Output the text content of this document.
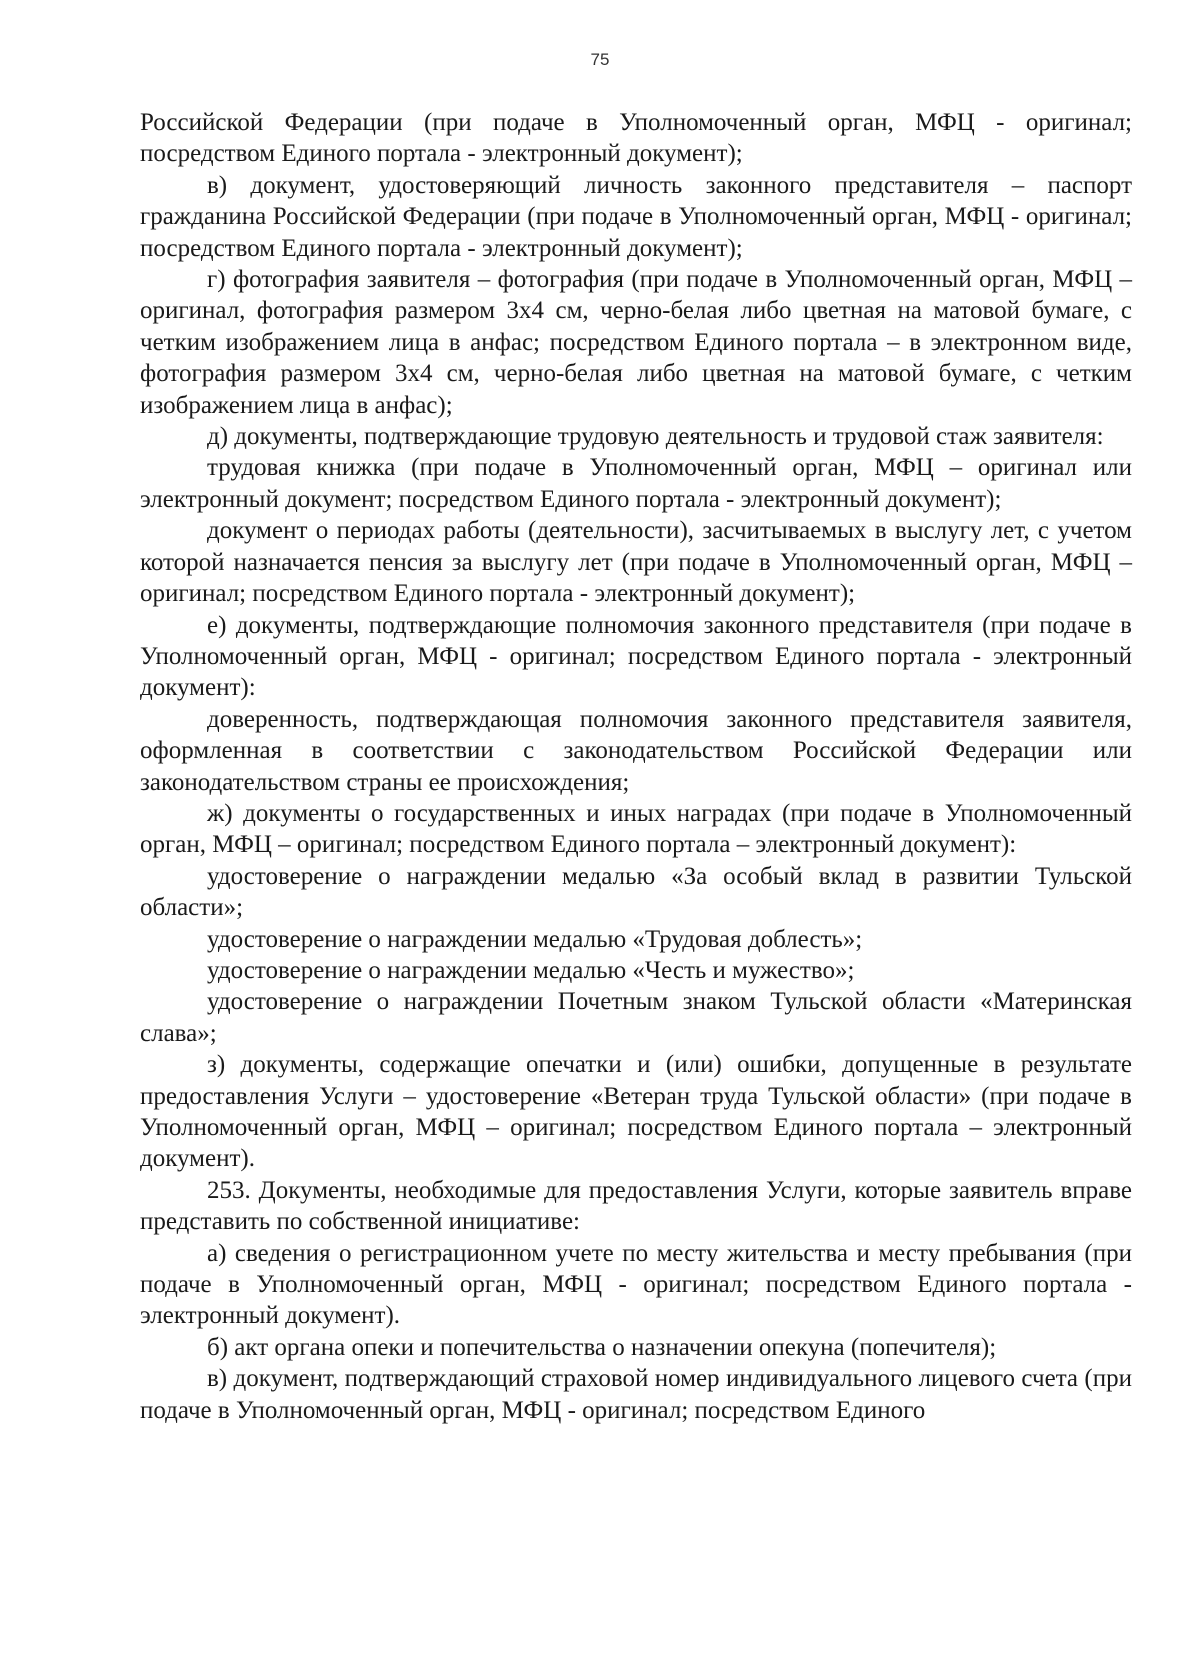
75

Российской Федерации (при подаче в Уполномоченный орган, МФЦ - оригинал; посредством Единого портала - электронный документ);

в) документ, удостоверяющий личность законного представителя – паспорт гражданина Российской Федерации (при подаче в Уполномоченный орган, МФЦ - оригинал; посредством Единого портала - электронный документ);

г) фотография заявителя – фотография (при подаче в Уполномоченный орган, МФЦ – оригинал, фотография размером 3х4 см, черно-белая либо цветная на матовой бумаге, с четким изображением лица в анфас; посредством Единого портала – в электронном виде, фотография размером 3х4 см, черно-белая либо цветная на матовой бумаге, с четким изображением лица в анфас);

д) документы, подтверждающие трудовую деятельность и трудовой стаж заявителя:

трудовая книжка (при подаче в Уполномоченный орган, МФЦ – оригинал или электронный документ; посредством Единого портала - электронный документ);

документ о периодах работы (деятельности), засчитываемых в выслугу лет, с учетом которой назначается пенсия за выслугу лет (при подаче в Уполномоченный орган, МФЦ – оригинал; посредством Единого портала - электронный документ);

е) документы, подтверждающие полномочия законного представителя (при подаче в Уполномоченный орган, МФЦ - оригинал; посредством Единого портала - электронный документ):

доверенность, подтверждающая полномочия законного представителя заявителя, оформленная в соответствии с законодательством Российской Федерации или законодательством страны ее происхождения;

ж) документы о государственных и иных наградах (при подаче в Уполномоченный орган, МФЦ – оригинал; посредством Единого портала – электронный документ):

удостоверение о награждении медалью «За особый вклад в развитии Тульской области»;

удостоверение о награждении медалью «Трудовая доблесть»;

удостоверение о награждении медалью «Честь и мужество»;

удостоверение о награждении Почетным знаком Тульской области «Материнская слава»;

з) документы, содержащие опечатки и (или) ошибки, допущенные в результате предоставления Услуги – удостоверение «Ветеран труда Тульской области» (при подаче в Уполномоченный орган, МФЦ – оригинал; посредством Единого портала – электронный документ).

253. Документы, необходимые для предоставления Услуги, которые заявитель вправе представить по собственной инициативе:

а) сведения о регистрационном учете по месту жительства и месту пребывания (при подаче в Уполномоченный орган, МФЦ - оригинал; посредством Единого портала - электронный документ).

б) акт органа опеки и попечительства о назначении опекуна (попечителя);

в) документ, подтверждающий страховой номер индивидуального лицевого счета (при подаче в Уполномоченный орган, МФЦ - оригинал; посредством Единого
